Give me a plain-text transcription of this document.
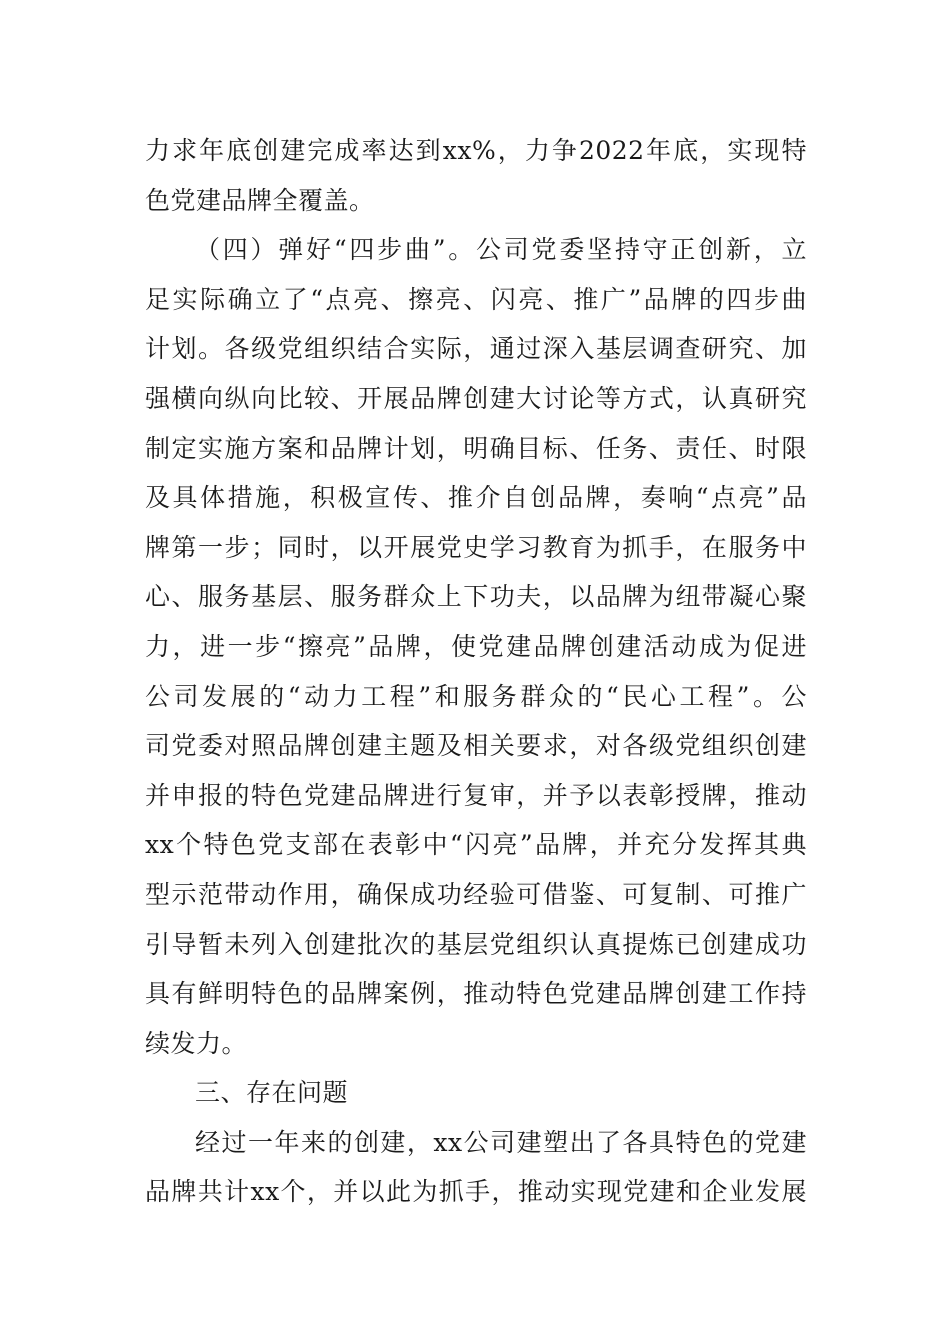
力求年底创建完成率达到xx%，力争2022年底，实现特
色党建品牌全覆盖。
（四）弹好“四步曲”。公司党委坚持守正创新，立
足实际确立了“点亮、擦亮、闪亮、推广”品牌的四步曲
计划。各级党组织结合实际，通过深入基层调查研究、加
强横向纵向比较、开展品牌创建大讨论等方式，认真研究
制定实施方案和品牌计划，明确目标、任务、责任、时限
及具体措施，积极宣传、推介自创品牌，奏响“点亮”品
牌第一步；同时，以开展党史学习教育为抓手，在服务中
心、服务基层、服务群众上下功夫，以品牌为纽带凝心聚
力，进一步“擦亮”品牌，使党建品牌创建活动成为促进
公司发展的“动力工程”和服务群众的“民心工程”。公
司党委对照品牌创建主题及相关要求，对各级党组织创建
并申报的特色党建品牌进行复审，并予以表彰授牌，推动
xx个特色党支部在表彰中“闪亮”品牌，并充分发挥其典
型示范带动作用，确保成功经验可借鉴、可复制、可推广
引导暂未列入创建批次的基层党组织认真提炼已创建成功
具有鲜明特色的品牌案例，推动特色党建品牌创建工作持
续发力。
三、存在问题
经过一年来的创建，xx公司建塑出了各具特色的党建
品牌共计xx个，并以此为抓手，推动实现党建和企业发展
